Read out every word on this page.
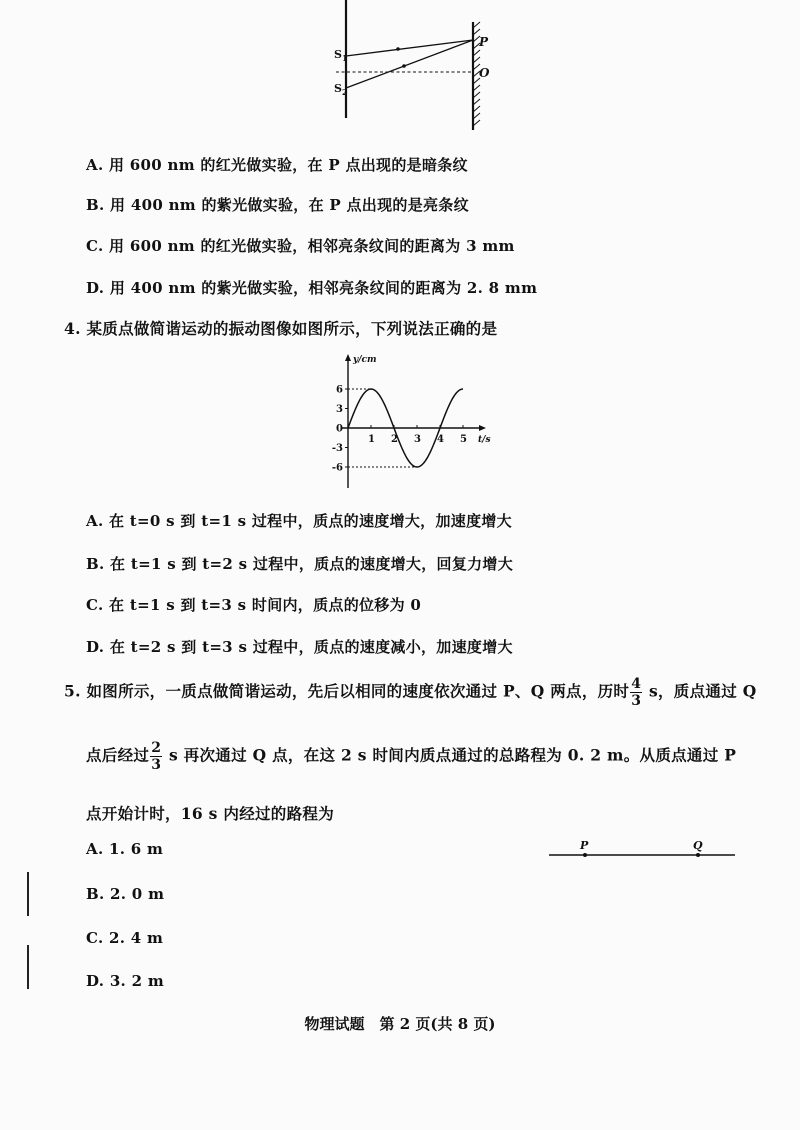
$S_1$
$S_2$
P
O
A. 用 600 nm 的红光做实验，在 P 点出现的是暗条纹
B. 用 400 nm 的紫光做实验，在 P 点出现的是亮条纹
C. 用 600 nm 的红光做实验，相邻亮条纹间的距离为 3 mm
D. 用 400 nm 的紫光做实验，相邻亮条纹间的距离为 2. 8 mm
4. 某质点做简谐运动的振动图像如图所示，下列说法正确的是
y/cm
t/s
6
3
0
-3
-6
1 2 3 4 5
A. 在 t=0 s 到 t=1 s 过程中，质点的速度增大，加速度增大
B. 在 t=1 s 到 t=2 s 过程中，质点的速度增大，回复力增大
C. 在 t=1 s 到 t=3 s 时间内，质点的位移为 0
D. 在 t=2 s 到 t=3 s 过程中，质点的速度减小，加速度增大
5. 如图所示，一质点做简谐运动，先后以相同的速度依次通过 P、Q 两点，历时 $\frac{4}{3}$ s，质点通过 Q
点后经过 $\frac{2}{3}$ s 再次通过 Q 点，在这 2 s 时间内质点通过的总路程为 0. 2 m。从质点通过 P
点开始计时，16 s 内经过的路程为
A. 1. 6 m
B. 2. 0 m
C. 2. 4 m
D. 3. 2 m
P	Q
物理试题　第 2 页(共 8 页)
